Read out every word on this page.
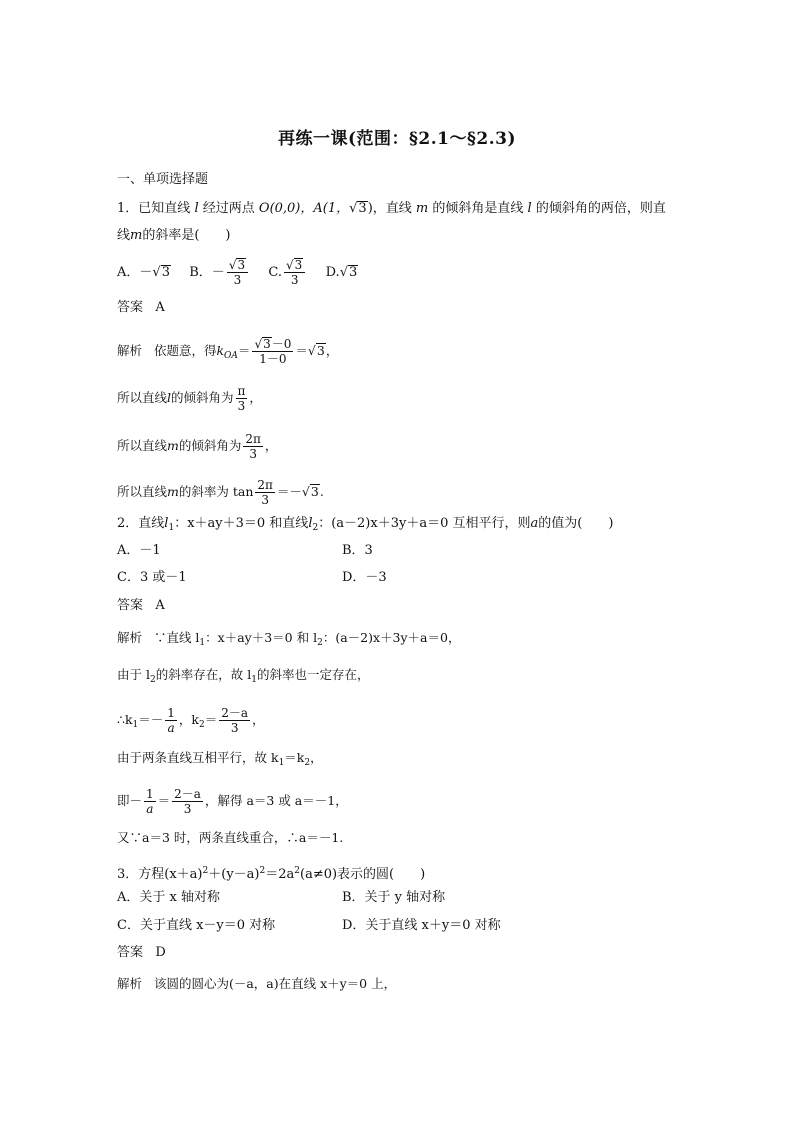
再练一课(范围：§2.1～§2.3)
一、单项选择题
1．已知直线 l 经过两点 O(0,0)，A(1，√3)，直线 m 的倾斜角是直线 l 的倾斜角的两倍，则直
线m的斜率是(　　)
A．－√3 B．－ $\frac{√3}{3} C$. $\frac{√3}{3} D.√3$
答案 A
解析 依题意，得$k_{OA}= \frac{√3-0}{1-0} =√3$，
所以直线l的倾斜角为 $\frac{\pi}{3}$ ，
所以直线m的倾斜角为 $\frac{2\pi}{3}$ ，
所以直线m的斜率为 $\tan \frac{2\pi}{3} =-√3$.
2．直线$l_1$：x＋ay＋3＝0 和直线$l_2$：(a－2)x＋3y＋a＝0 互相平行，则a的值为(　　)
A．－1	B．3
C．3 或－1	D．－3
答案 A
解析 ∵直线 $l_1$：x＋ay＋3＝0 和 $l_2$：(a－2)x＋3y＋a＝0，
由于 $l_2$的斜率存在，故 $l_1$的斜率也一定存在，
$\therefore k_1=- \frac{1}{a}$ ，$k_2= \frac{2-a}{3}$ ，
由于两条直线互相平行，故 $k_1=k_2$，
即－ $\frac{1}{a} = \frac{2-a}{3}$ ，解得 a＝3 或 a＝－1，
又∵a＝3 时，两条直线重合，∴a＝－1.
3．方程$(x+a)^2+(y-a)^2=2a^2(a\ne 0)$表示的圆(　　)
A．关于 x 轴对称	B．关于 y 轴对称
C．关于直线 x－y＝0 对称	D．关于直线 x＋y＝0 对称
答案 D
解析 该圆的圆心为(－a，a)在直线 x＋y＝0 上，
